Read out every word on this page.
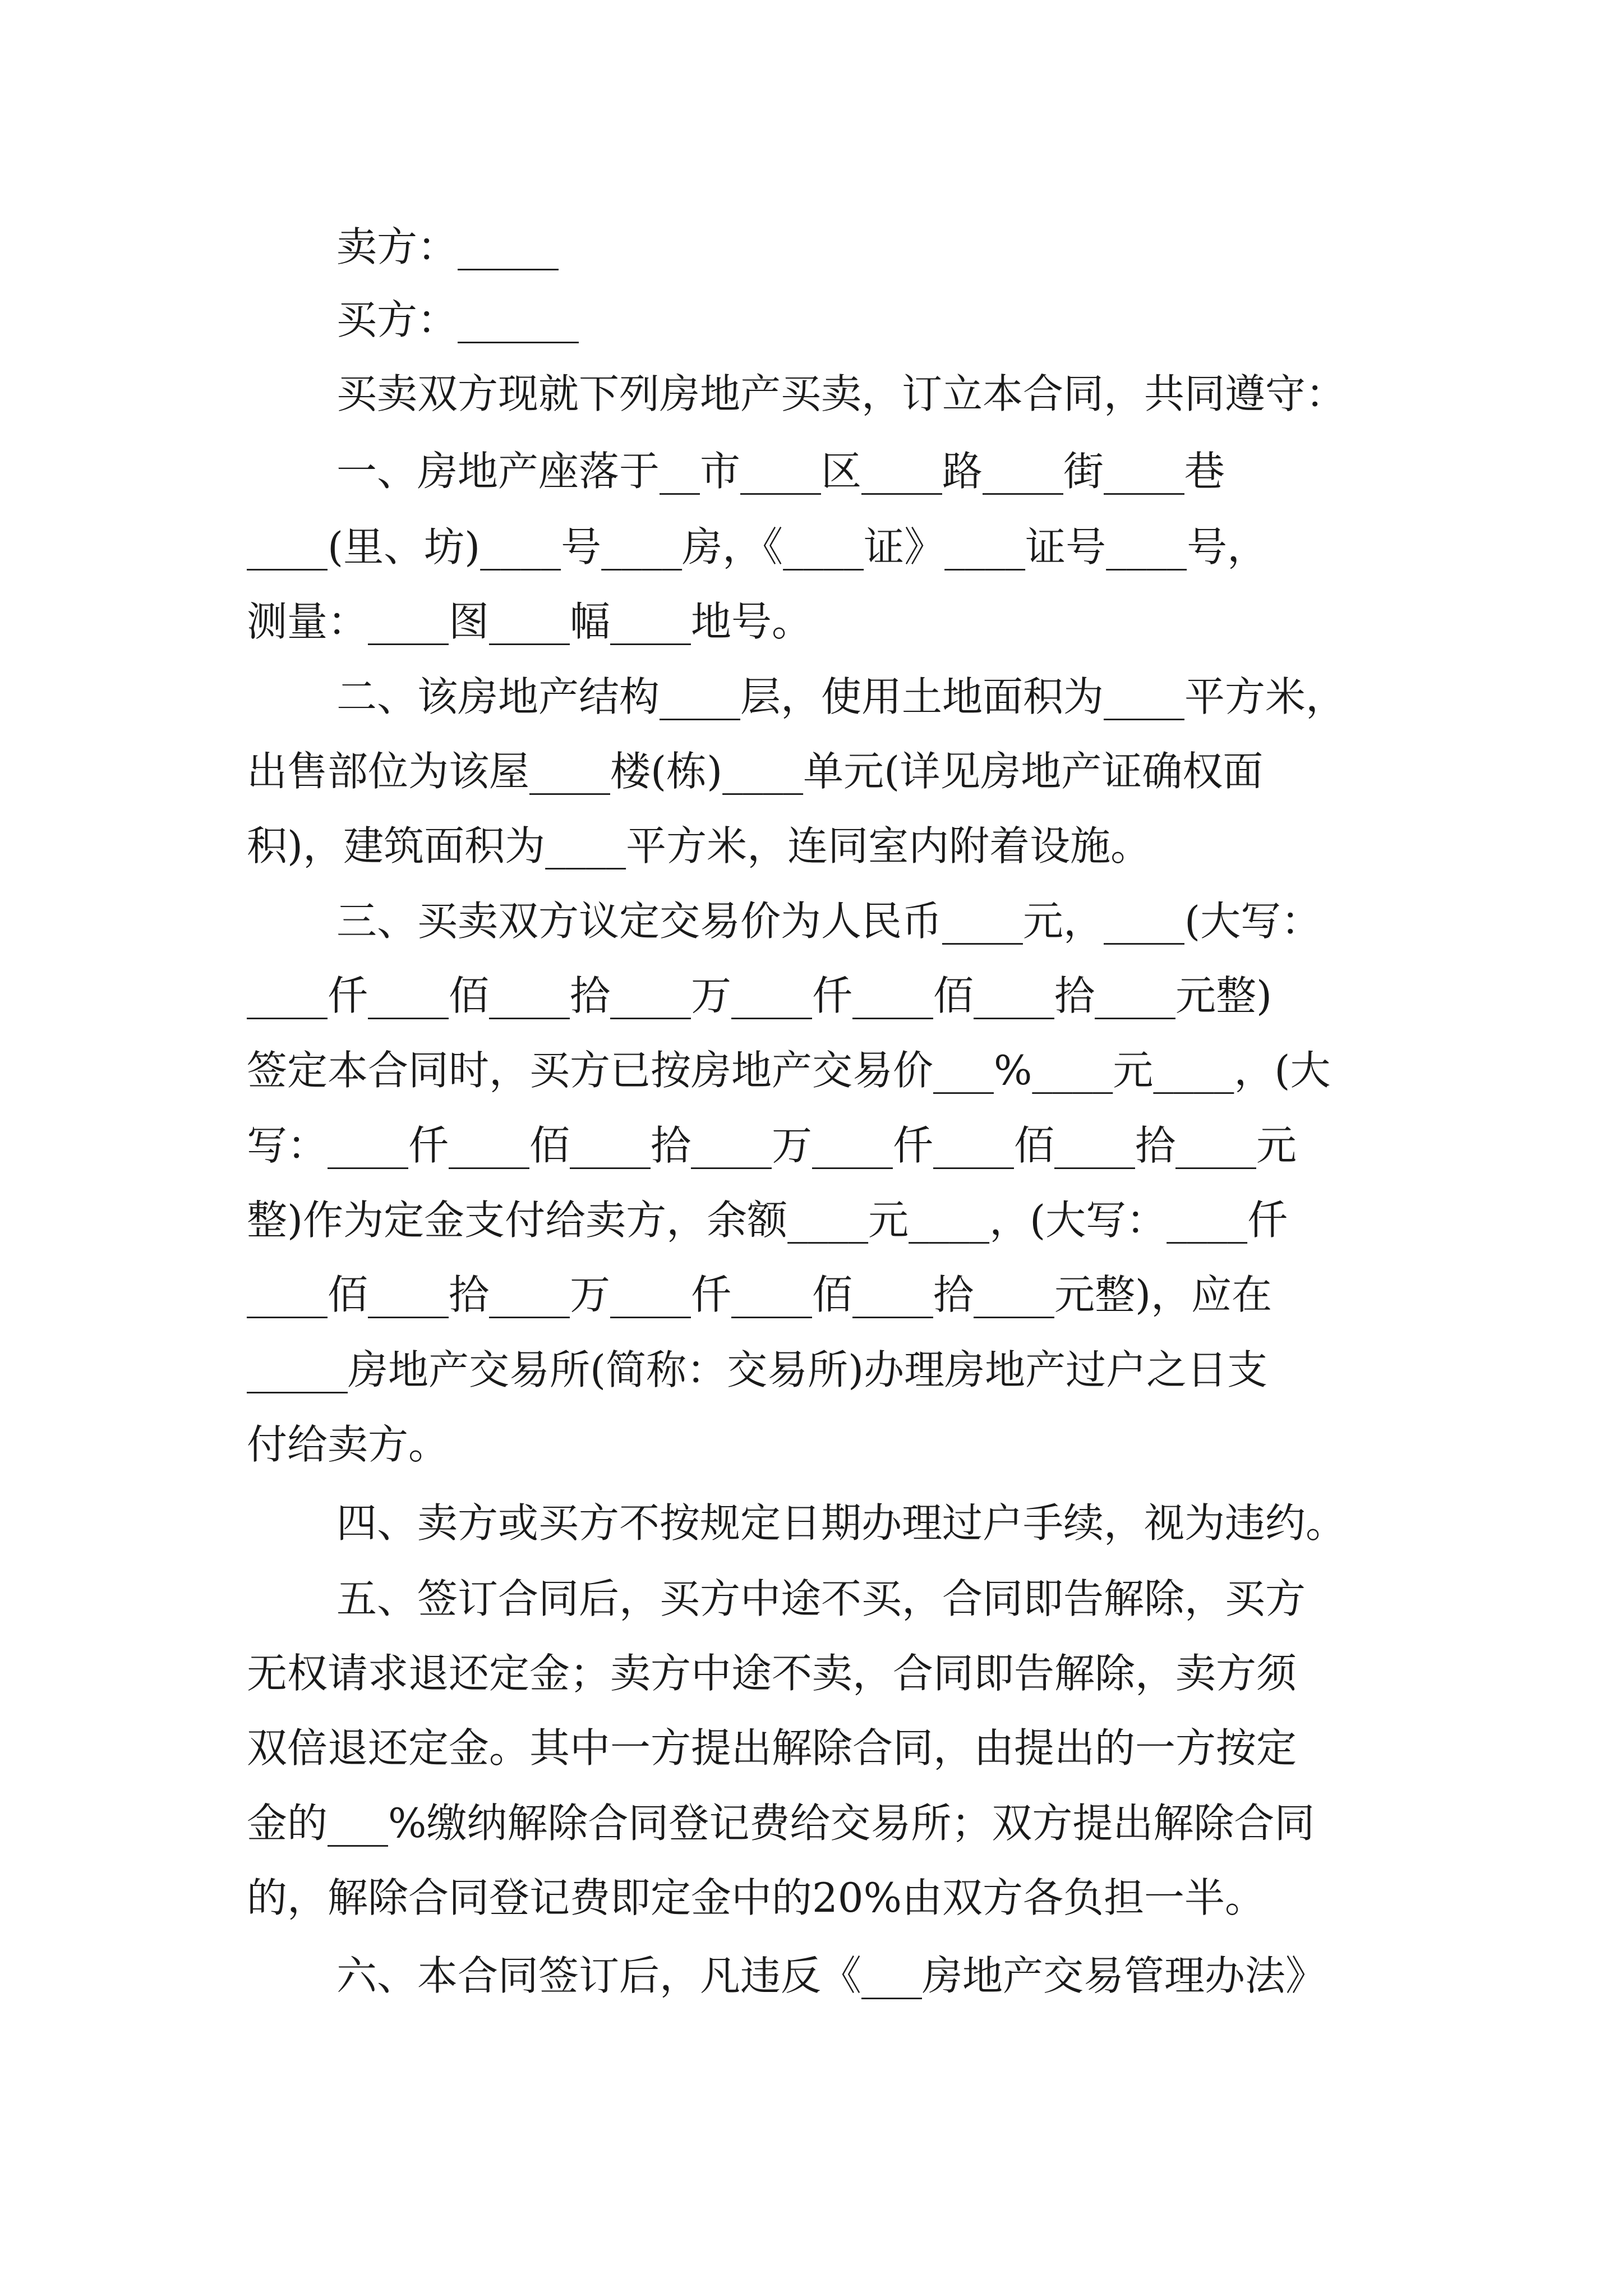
卖方：_____

买方：______

买卖双方现就下列房地产买卖，订立本合同，共同遵守：

一、房地产座落于__市____区____路____街____巷

____(里、坊)____号____房，《____证》____证号____号，

测量：____图____幅____地号。

二、该房地产结构____层，使用土地面积为____平方米，

出售部位为该屋____楼(栋)____单元(详见房地产证确权面

积)，建筑面积为____平方米，连同室内附着设施。

三、买卖双方议定交易价为人民币____元，____(大写：

____仟____佰____拾____万____仟____佰____拾____元整)

签定本合同时，买方已按房地产交易价___%____元____，(大

写：____仟____佰____拾____万____仟____佰____拾____元

整)作为定金支付给卖方，余额____元____，(大写：____仟

____佰____拾____万____仟____佰____拾____元整)，应在

_____房地产交易所(简称：交易所)办理房地产过户之日支

付给卖方。

四、卖方或买方不按规定日期办理过户手续，视为违约。

五、签订合同后，买方中途不买，合同即告解除，买方

无权请求退还定金；卖方中途不卖，合同即告解除，卖方须

双倍退还定金。其中一方提出解除合同，由提出的一方按定

金的___%缴纳解除合同登记费给交易所；双方提出解除合同

的，解除合同登记费即定金中的20%由双方各负担一半。

六、本合同签订后，凡违反《___房地产交易管理办法》
